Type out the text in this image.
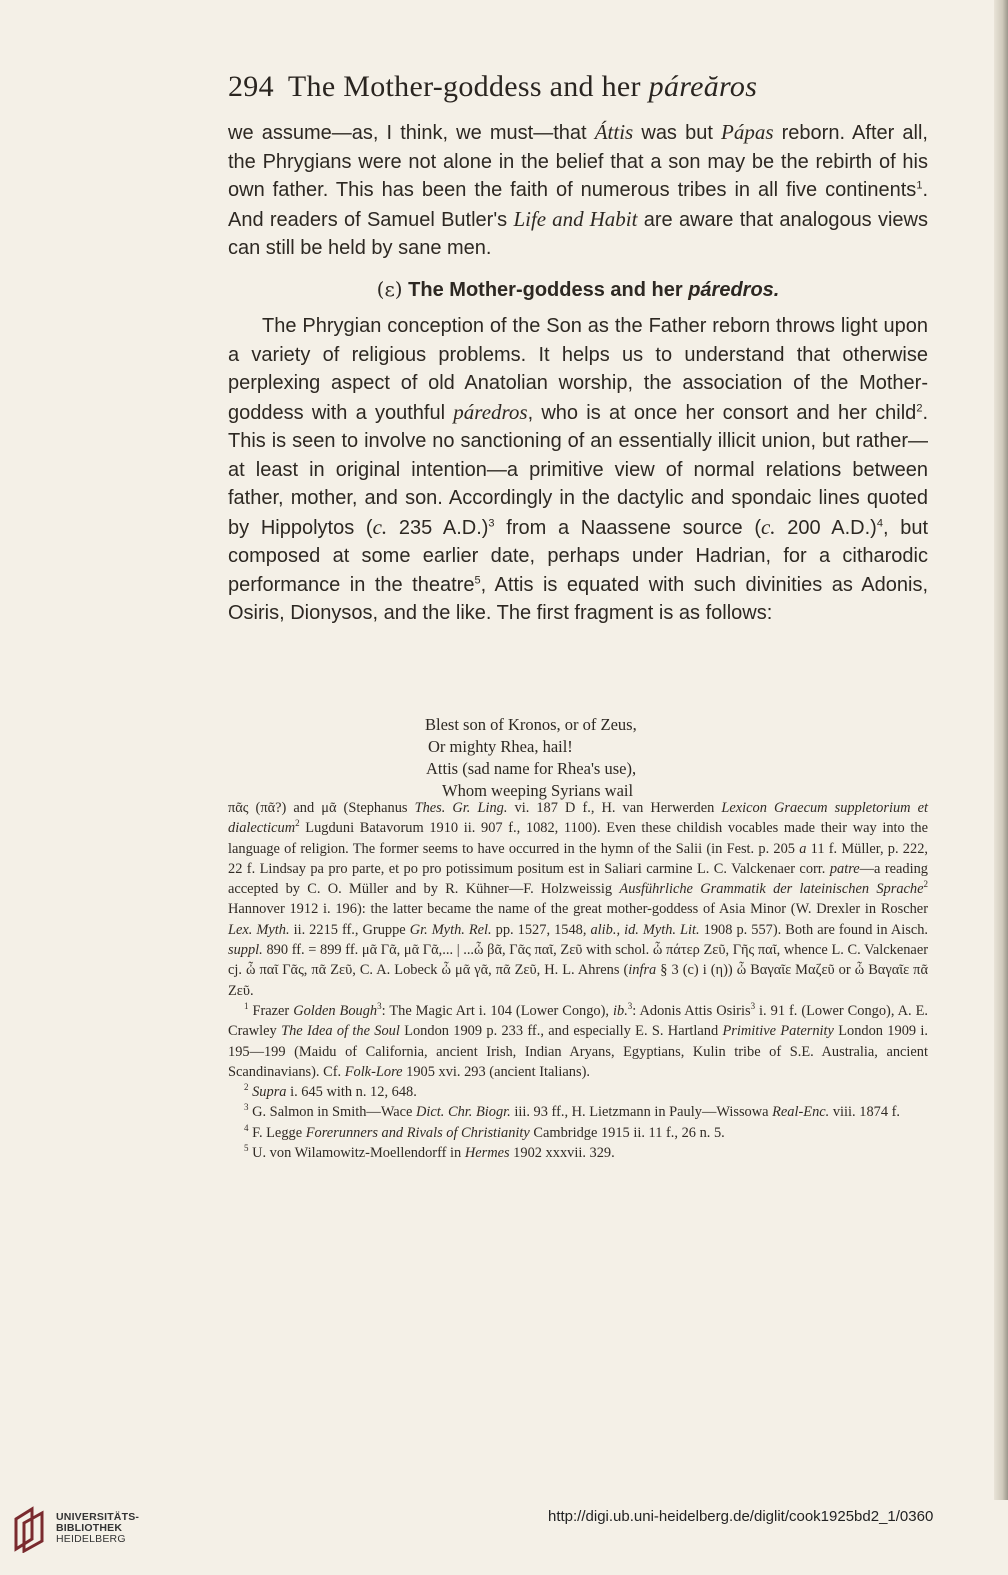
294 The Mother-goddess and her páreăros

we assume—as, I think, we must—that Áttis was but Pápas reborn. After all, the Phrygians were not alone in the belief that a son may be the rebirth of his own father. This has been the faith of numerous tribes in all five continents$^1$. And readers of Samuel Butler's Life and Habit are aware that analogous views can still be held by sane men.

(ε) The Mother-goddess and her páredros.

The Phrygian conception of the Son as the Father reborn throws light upon a variety of religious problems. It helps us to understand that otherwise perplexing aspect of old Anatolian worship, the association of the Mother-goddess with a youthful páredros, who is at once her consort and her child$^2$. This is seen to involve no sanctioning of an essentially illicit union, but rather—at least in original intention—a primitive view of normal relations between father, mother, and son. Accordingly in the dactylic and spondaic lines quoted by Hippolytos (c. 235 A.D.)$^3$ from a Naassene source (c. 200 A.D.)$^4$, but composed at some earlier date, perhaps under Hadrian, for a citharodic performance in the theatre$^5$, Attis is equated with such divinities as Adonis, Osiris, Dionysos, and the like. The first fragment is as follows:

Blest son of Kronos, or of Zeus,
Or mighty Rhea, hail!
Attis (sad name for Rhea's use),
Whom weeping Syrians wail

πᾶς (πᾶ?) and μᾶ (Stephanus Thes. Gr. Ling. vi. 187 D f., H. van Herwerden Lexicon Graecum suppletorium et dialecticum$^2$ Lugduni Batavorum 1910 ii. 907 f., 1082, 1100). Even these childish vocables made their way into the language of religion. The former seems to have occurred in the hymn of the Salii (in Fest. p. 205 a 11 f. Müller, p. 222, 22 f. Lindsay pa pro parte, et po pro potissimum positum est in Saliari carmine L. C. Valckenaer corr. patre—a reading accepted by C. O. Müller and by R. Kühner—F. Holzweissig Ausführliche Grammatik der lateinischen Sprache$^2$ Hannover 1912 i. 196): the latter became the name of the great mother-goddess of Asia Minor (W. Drexler in Roscher Lex. Myth. ii. 2215 ff., Gruppe Gr. Myth. Rel. pp. 1527, 1548, alib., id. Myth. Lit. 1908 p. 557). Both are found in Aisch. suppl. 890 ff. = 899 ff. μᾶ Γᾶ, μᾶ Γᾶ,... | ...ὦ βᾶ, Γᾶς παῖ, Ζεῦ with schol. ὦ πάτερ Ζεῦ, Γῆς παῖ, whence L. C. Valckenaer cj. ὦ παῖ Γᾶς, πᾶ Ζεῦ, C. A. Lobeck ὦ μᾶ γᾶ, πᾶ Ζεῦ, H. L. Ahrens (infra § 3 (c) i (η)) ὦ Βαγαῖε Μαζεῦ or ὦ Βαγαῖε πᾶ Ζεῦ.

$^1$ Frazer Golden Bough$^3$: The Magic Art i. 104 (Lower Congo), ib.$^3$: Adonis Attis Osiris$^3$ i. 91 f. (Lower Congo), A. E. Crawley The Idea of the Soul London 1909 p. 233 ff., and especially E. S. Hartland Primitive Paternity London 1909 i. 195—199 (Maidu of California, ancient Irish, Indian Aryans, Egyptians, Kulin tribe of S.E. Australia, ancient Scandinavians). Cf. Folk-Lore 1905 xvi. 293 (ancient Italians).

$^2$ Supra i. 645 with n. 12, 648.

$^3$ G. Salmon in Smith—Wace Dict. Chr. Biogr. iii. 93 ff., H. Lietzmann in Pauly—Wissowa Real-Enc. viii. 1874 f.

$^4$ F. Legge Forerunners and Rivals of Christianity Cambridge 1915 ii. 11 f., 26 n. 5.

$^5$ U. von Wilamowitz-Moellendorff in Hermes 1902 xxxvii. 329.

UNIVERSITÄTS-
BIBLIOTHEK
HEIDELBERG
http://digi.ub.uni-heidelberg.de/diglit/cook1925bd2_1/0360
